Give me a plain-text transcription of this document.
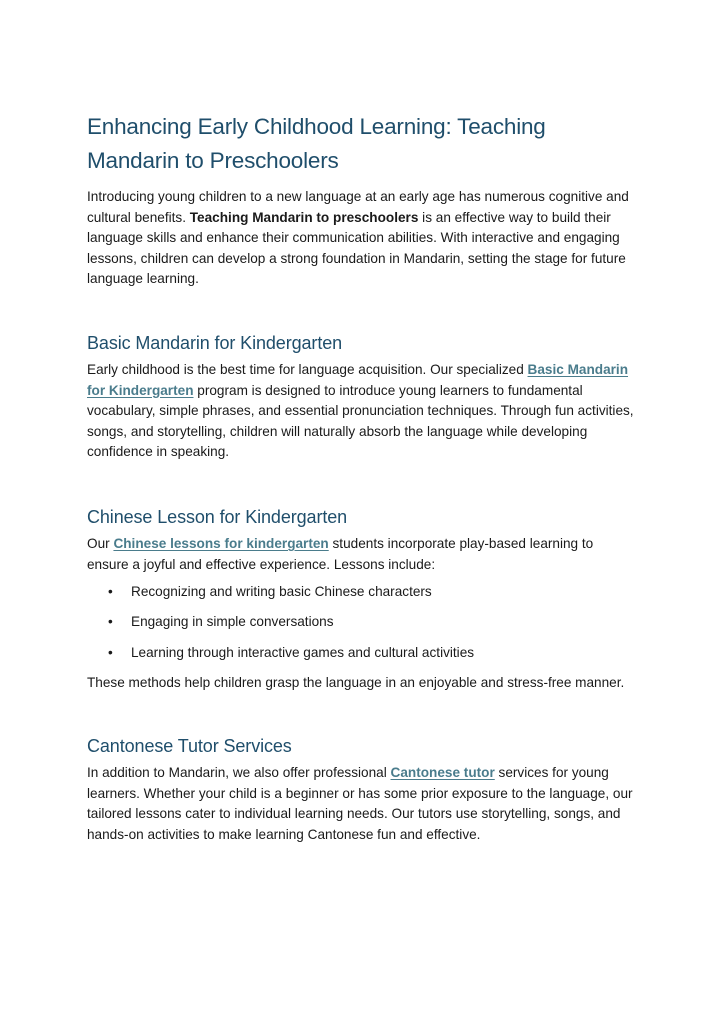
Enhancing Early Childhood Learning: Teaching Mandarin to Preschoolers

Introducing young children to a new language at an early age has numerous cognitive and cultural benefits. Teaching Mandarin to preschoolers is an effective way to build their language skills and enhance their communication abilities. With interactive and engaging lessons, children can develop a strong foundation in Mandarin, setting the stage for future language learning.

Basic Mandarin for Kindergarten

Early childhood is the best time for language acquisition. Our specialized Basic Mandarin for Kindergarten program is designed to introduce young learners to fundamental vocabulary, simple phrases, and essential pronunciation techniques. Through fun activities, songs, and storytelling, children will naturally absorb the language while developing confidence in speaking.

Chinese Lesson for Kindergarten

Our Chinese lessons for kindergarten students incorporate play-based learning to ensure a joyful and effective experience. Lessons include:

• Recognizing and writing basic Chinese characters
• Engaging in simple conversations
• Learning through interactive games and cultural activities

These methods help children grasp the language in an enjoyable and stress-free manner.

Cantonese Tutor Services

In addition to Mandarin, we also offer professional Cantonese tutor services for young learners. Whether your child is a beginner or has some prior exposure to the language, our tailored lessons cater to individual learning needs. Our tutors use storytelling, songs, and hands-on activities to make learning Cantonese fun and effective.
